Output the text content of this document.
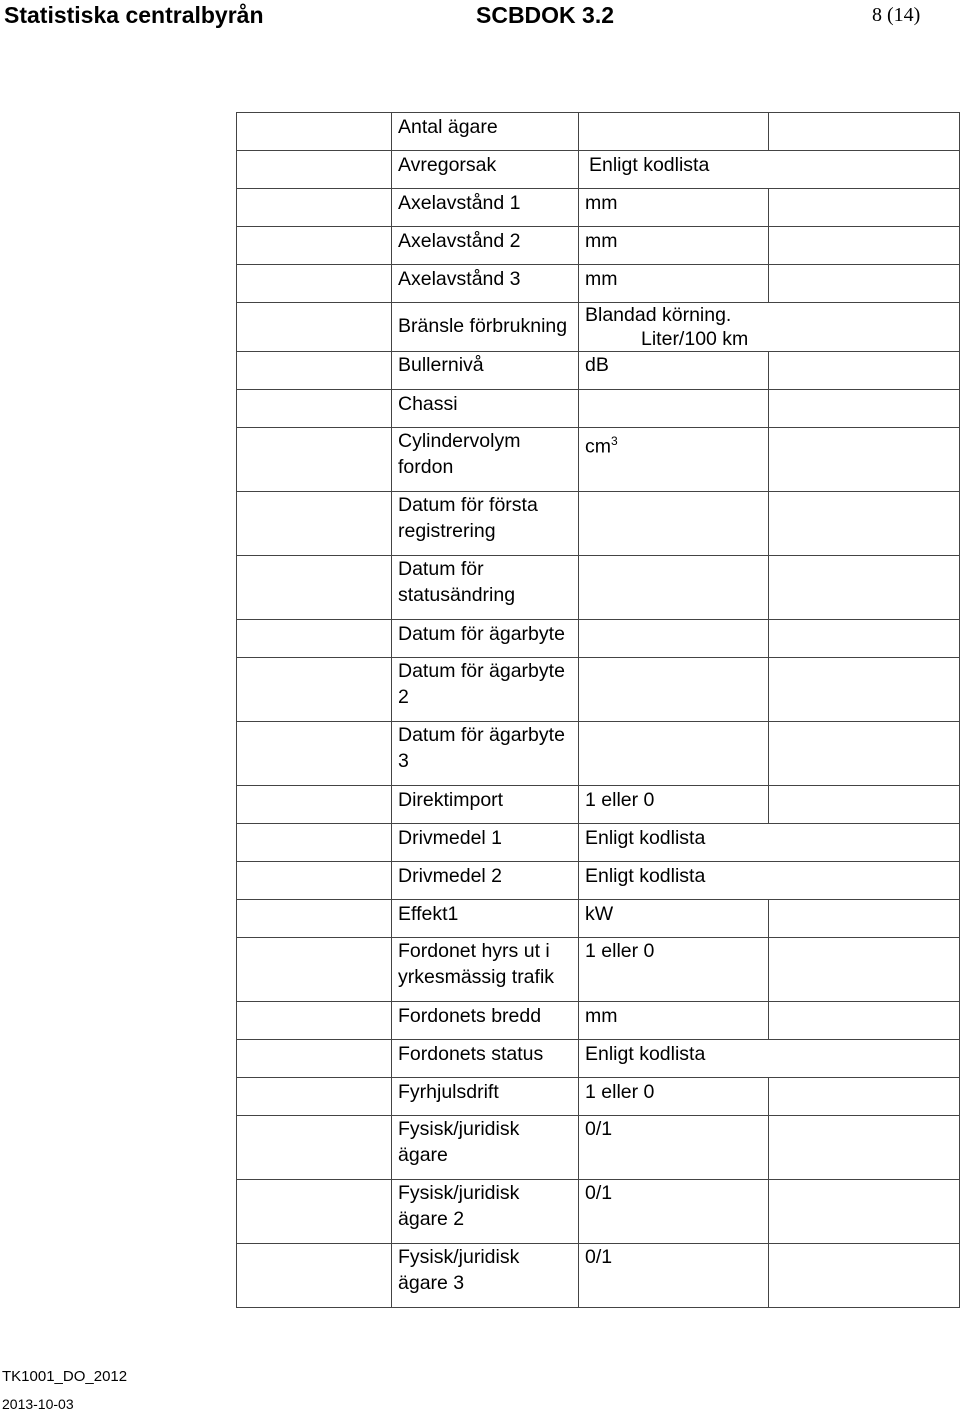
Statistiska centralbyrån	SCBDOK 3.2	8 (14)
	Antal ägare		
	Avregorsak	Enligt kodlista	
	Axelavstånd 1	mm	
	Axelavstånd 2	mm	
	Axelavstånd 3	mm	
	Bränsle förbrukning	Blandad körning.
Liter/100 km	

	Bullernivå	dB	
	Chassi		
	Cylindervolym fordon	$cm^3$	
	Datum för första registrering		
	Datum för statusändring		
	Datum för ägarbyte		
	Datum för ägarbyte 2		
	Datum för ägarbyte 3		
	Direktimport	1 eller 0	
	Drivmedel 1	Enligt kodlista	
	Drivmedel 2	Enligt kodlista	
	Effekt1	kW	
	Fordonet hyrs ut i yrkesmässig trafik	1 eller 0	
	Fordonets bredd	mm	
	Fordonets status	Enligt kodlista	
	Fyrhjulsdrift	1 eller 0	
	Fysisk/juridisk ägare	0/1	
	Fysisk/juridisk ägare 2	0/1	
	Fysisk/juridisk ägare 3	0/1	
TK1001_DO_2012
2013-10-03
